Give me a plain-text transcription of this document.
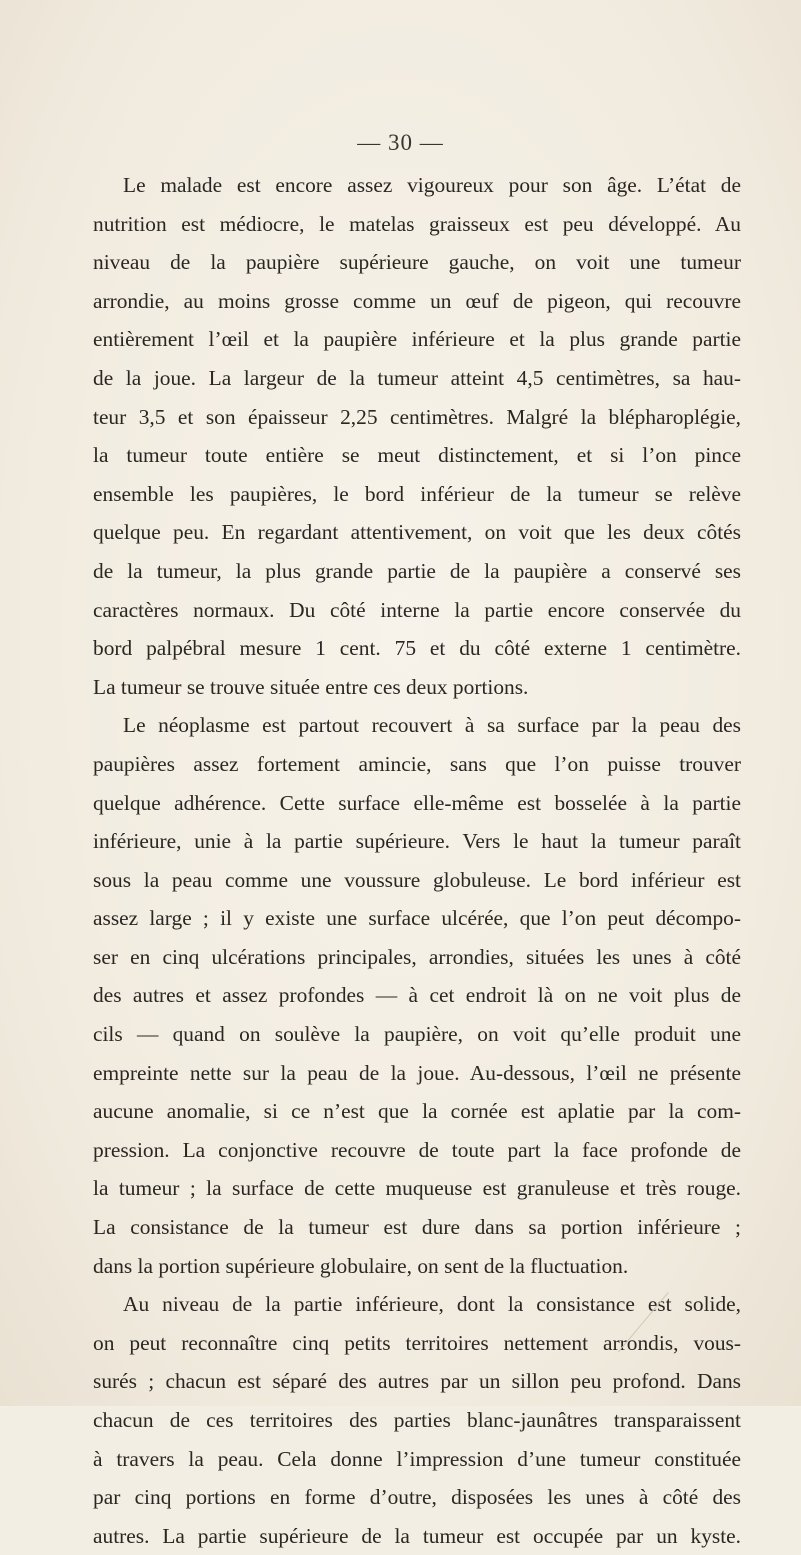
— 30 —
Le malade est encore assez vigoureux pour son âge. L’état de
nutrition est médiocre, le matelas graisseux est peu développé. Au
niveau de la paupière supérieure gauche, on voit une tumeur
arrondie, au moins grosse comme un œuf de pigeon, qui recouvre
entièrement l’œil et la paupière inférieure et la plus grande partie
de la joue. La largeur de la tumeur atteint 4,5 centimètres, sa hau-
teur 3,5 et son épaisseur 2,25 centimètres. Malgré la blépharoplégie,
la tumeur toute entière se meut distinctement, et si l’on pince
ensemble les paupières, le bord inférieur de la tumeur se relève
quelque peu. En regardant attentivement, on voit que les deux côtés
de la tumeur, la plus grande partie de la paupière a conservé ses
caractères normaux. Du côté interne la partie encore conservée du
bord palpébral mesure 1 cent. 75 et du côté externe 1 centimètre.
La tumeur se trouve située entre ces deux portions.
Le néoplasme est partout recouvert à sa surface par la peau des
paupières assez fortement amincie, sans que l’on puisse trouver
quelque adhérence. Cette surface elle-même est bosselée à la partie
inférieure, unie à la partie supérieure. Vers le haut la tumeur paraît
sous la peau comme une voussure globuleuse. Le bord inférieur est
assez large ; il y existe une surface ulcérée, que l’on peut décompo-
ser en cinq ulcérations principales, arrondies, situées les unes à côté
des autres et assez profondes — à cet endroit là on ne voit plus de
cils — quand on soulève la paupière, on voit qu’elle produit une
empreinte nette sur la peau de la joue. Au-dessous, l’œil ne présente
aucune anomalie, si ce n’est que la cornée est aplatie par la com-
pression. La conjonctive recouvre de toute part la face profonde de
la tumeur ; la surface de cette muqueuse est granuleuse et très rouge.
La consistance de la tumeur est dure dans sa portion inférieure ;
dans la portion supérieure globulaire, on sent de la fluctuation.
Au niveau de la partie inférieure, dont la consistance est solide,
on peut reconnaître cinq petits territoires nettement arrondis, vous-
surés ; chacun est séparé des autres par un sillon peu profond. Dans
chacun de ces territoires des parties blanc-jaunâtres transparaissent
à travers la peau. Cela donne l’impression d’une tumeur constituée
par cinq portions en forme d’outre, disposées les unes à côté des
autres. La partie supérieure de la tumeur est occupée par un kyste.
